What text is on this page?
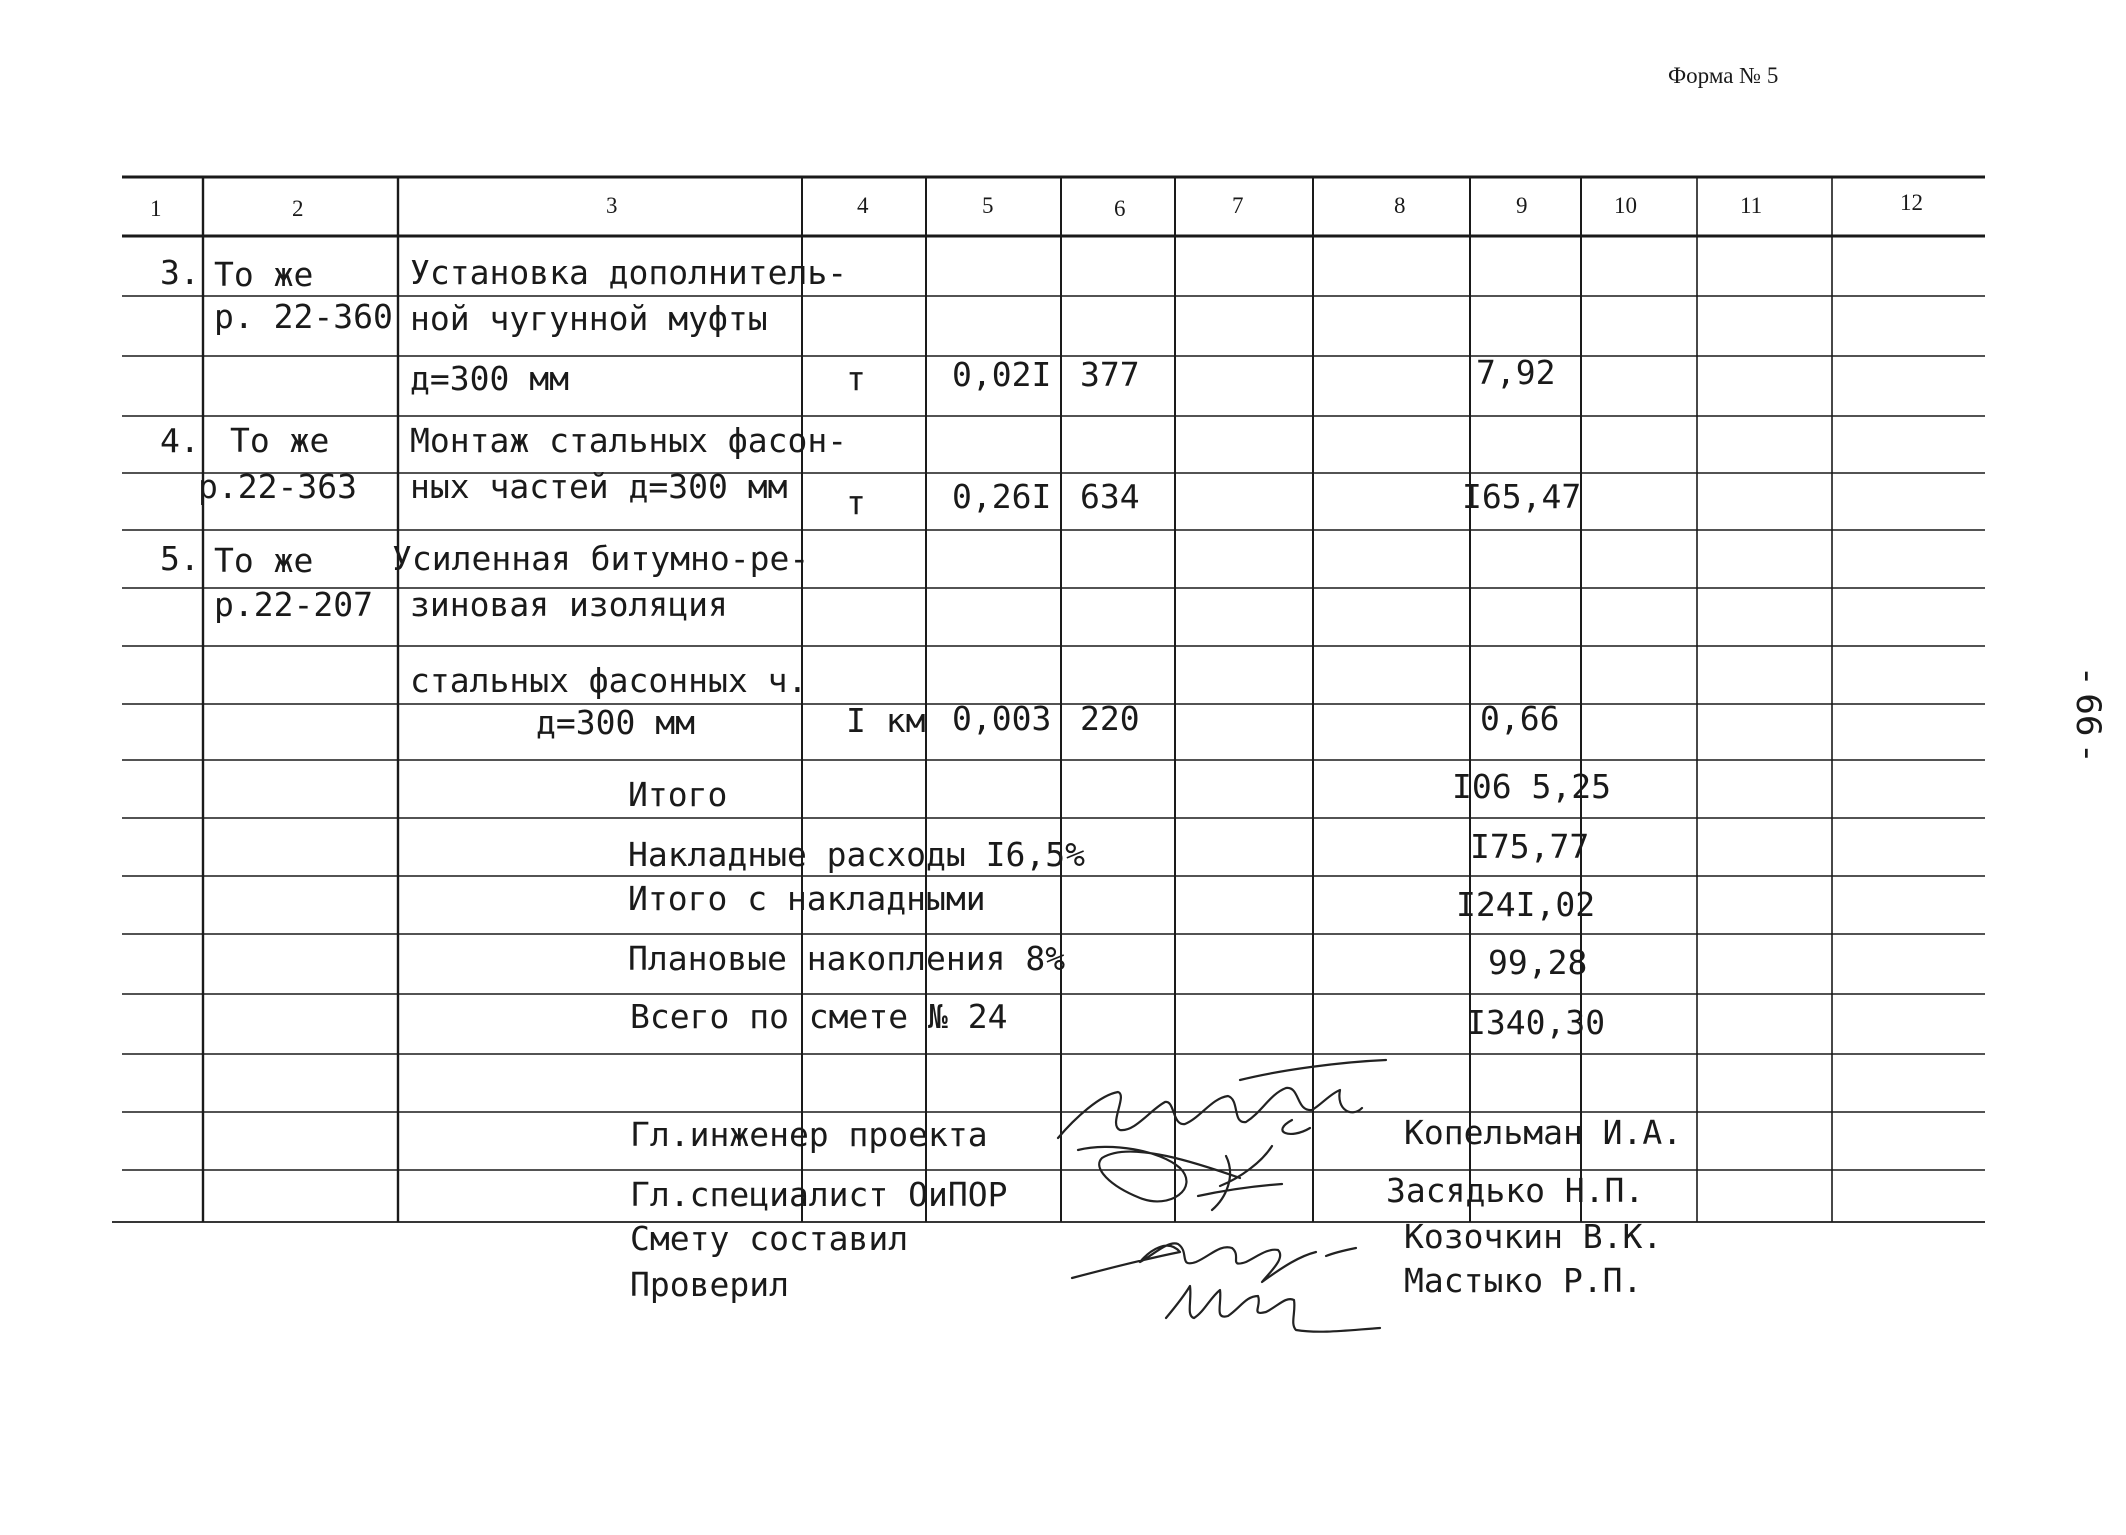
Форма № 5
- 66 -
1	2	3	4	5	6	7	8	9	10	11	12
3. То же
р. 22-360
Установка дополнитель-
ной чугунной муфты
д=300 мм	т	0,02I 377	7,92
4. То же
р.22-363
Монтаж стальных фасон-
ных частей д=300 мм т	0,26I 634	I65,47
5. То же
р.22-207
Усиленная битумно-ре-
зиновая изоляция
стальных фасонных ч.
д=300 мм	I км 0,003 220	0,66
Итого	I06 5,25
Накладные расходы I6,5%	I75,77
Итого с накладными	I24I,02
Плановые накопления 8%	99,28
Всего по смете № 24	I340,30
Гл.инженер проекта	Копельман И.А.
Гл.специалист ОиПОР	Засядько Н.П.
Смету составил	Козочкин В.К.
Проверил	Мастыко Р.П.
